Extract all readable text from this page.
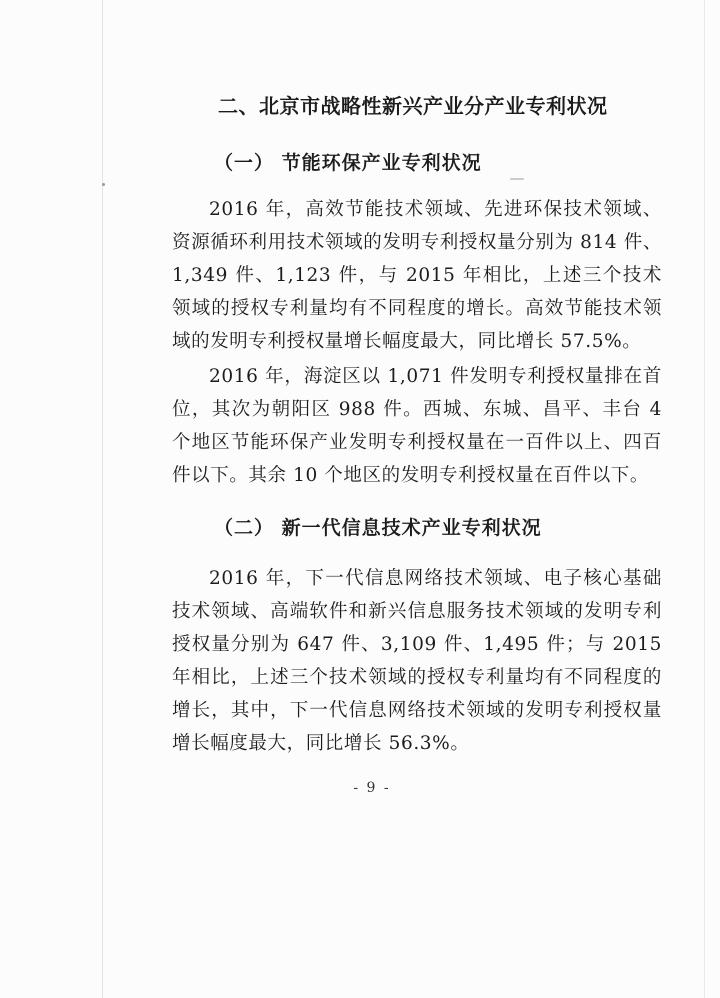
二、北京市战略性新兴产业分产业专利状况
（一） 节能环保产业专利状况

2016 年，高效节能技术领域、先进环保技术领域、资源循环利用技术领域的发明专利授权量分别为 814 件、1,349 件、1,123 件，与 2015 年相比，上述三个技术领域的授权专利量均有不同程度的增长。高效节能技术领域的发明专利授权量增长幅度最大，同比增长 57.5%。

2016 年，海淀区以 1,071 件发明专利授权量排在首位，其次为朝阳区 988 件。西城、东城、昌平、丰台 4 个地区节能环保产业发明专利授权量在一百件以上、四百件以下。其余 10 个地区的发明专利授权量在百件以下。

（二） 新一代信息技术产业专利状况

2016 年，下一代信息网络技术领域、电子核心基础技术领域、高端软件和新兴信息服务技术领域的发明专利授权量分别为 647 件、3,109 件、1,495 件；与 2015 年相比，上述三个技术领域的授权专利量均有不同程度的增长，其中，下一代信息网络技术领域的发明专利授权量增长幅度最大，同比增长 56.3%。

- 9 -
